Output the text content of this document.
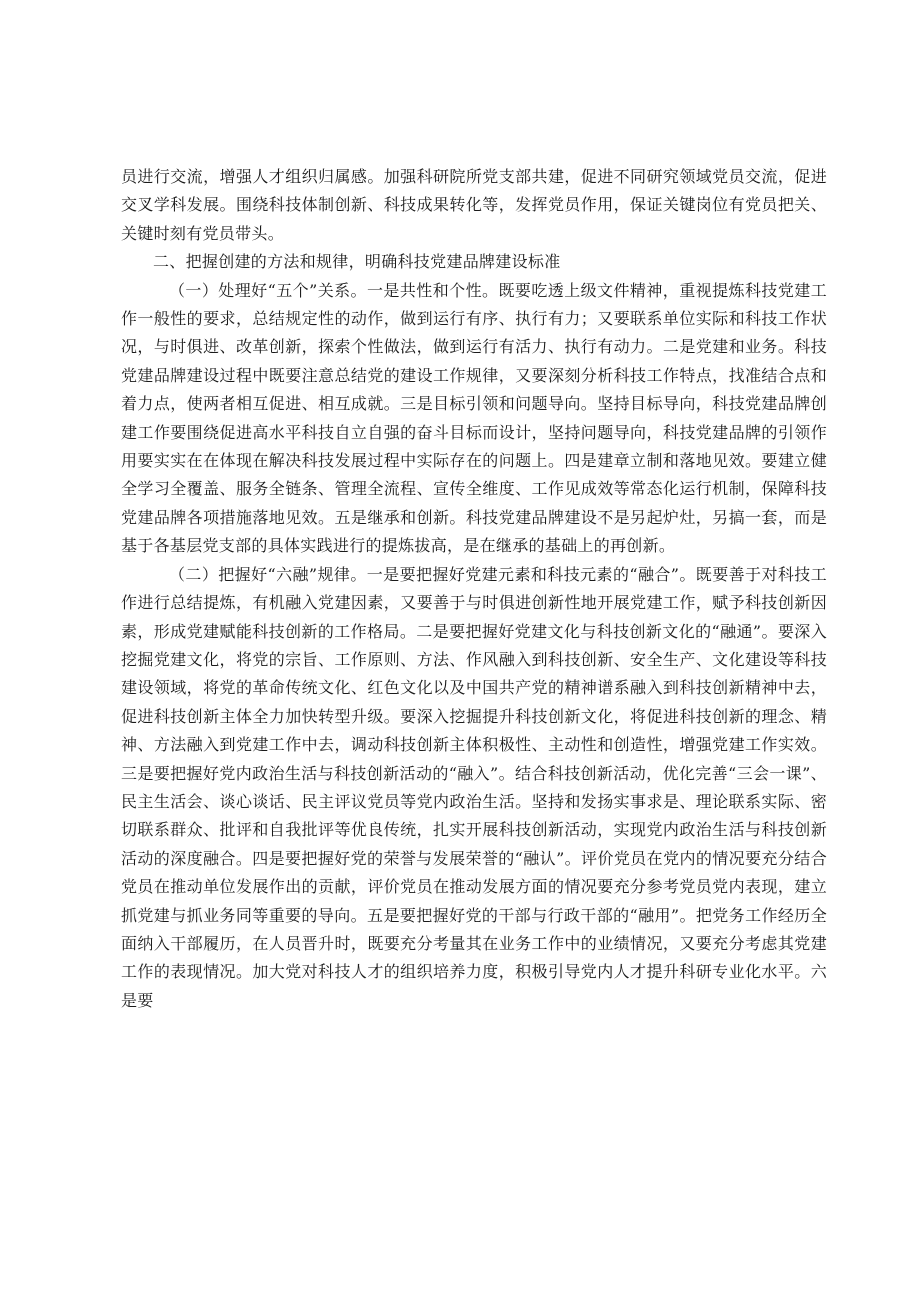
员进行交流，增强人才组织归属感。加强科研院所党支部共建，促进不同研究领域党员交流，促进交叉学科发展。围绕科技体制创新、科技成果转化等，发挥党员作用，保证关键岗位有党员把关、关键时刻有党员带头。

二、把握创建的方法和规律，明确科技党建品牌建设标准

（一）处理好“五个”关系。一是共性和个性。既要吃透上级文件精神，重视提炼科技党建工作一般性的要求，总结规定性的动作，做到运行有序、执行有力；又要联系单位实际和科技工作状况，与时俱进、改革创新，探索个性做法，做到运行有活力、执行有动力。二是党建和业务。科技党建品牌建设过程中既要注意总结党的建设工作规律，又要深刻分析科技工作特点，找准结合点和着力点，使两者相互促进、相互成就。三是目标引领和问题导向。坚持目标导向，科技党建品牌创建工作要围绕促进高水平科技自立自强的奋斗目标而设计，坚持问题导向，科技党建品牌的引领作用要实实在在体现在解决科技发展过程中实际存在的问题上。四是建章立制和落地见效。要建立健全学习全覆盖、服务全链条、管理全流程、宣传全维度、工作见成效等常态化运行机制，保障科技党建品牌各项措施落地见效。五是继承和创新。科技党建品牌建设不是另起炉灶，另搞一套，而是基于各基层党支部的具体实践进行的提炼拔高，是在继承的基础上的再创新。

（二）把握好“六融”规律。一是要把握好党建元素和科技元素的“融合”。既要善于对科技工作进行总结提炼，有机融入党建因素，又要善于与时俱进创新性地开展党建工作，赋予科技创新因素，形成党建赋能科技创新的工作格局。二是要把握好党建文化与科技创新文化的“融通”。要深入挖掘党建文化，将党的宗旨、工作原则、方法、作风融入到科技创新、安全生产、文化建设等科技建设领域，将党的革命传统文化、红色文化以及中国共产党的精神谱系融入到科技创新精神中去，促进科技创新主体全力加快转型升级。要深入挖掘提升科技创新文化，将促进科技创新的理念、精神、方法融入到党建工作中去，调动科技创新主体积极性、主动性和创造性，增强党建工作实效。三是要把握好党内政治生活与科技创新活动的“融入”。结合科技创新活动，优化完善“三会一课”、民主生活会、谈心谈话、民主评议党员等党内政治生活。坚持和发扬实事求是、理论联系实际、密切联系群众、批评和自我批评等优良传统，扎实开展科技创新活动，实现党内政治生活与科技创新活动的深度融合。四是要把握好党的荣誉与发展荣誉的“融认”。评价党员在党内的情况要充分结合党员在推动单位发展作出的贡献，评价党员在推动发展方面的情况要充分参考党员党内表现，建立抓党建与抓业务同等重要的导向。五是要把握好党的干部与行政干部的“融用”。把党务工作经历全面纳入干部履历，在人员晋升时，既要充分考量其在业务工作中的业绩情况，又要充分考虑其党建工作的表现情况。加大党对科技人才的组织培养力度，积极引导党内人才提升科研专业化水平。六是要
